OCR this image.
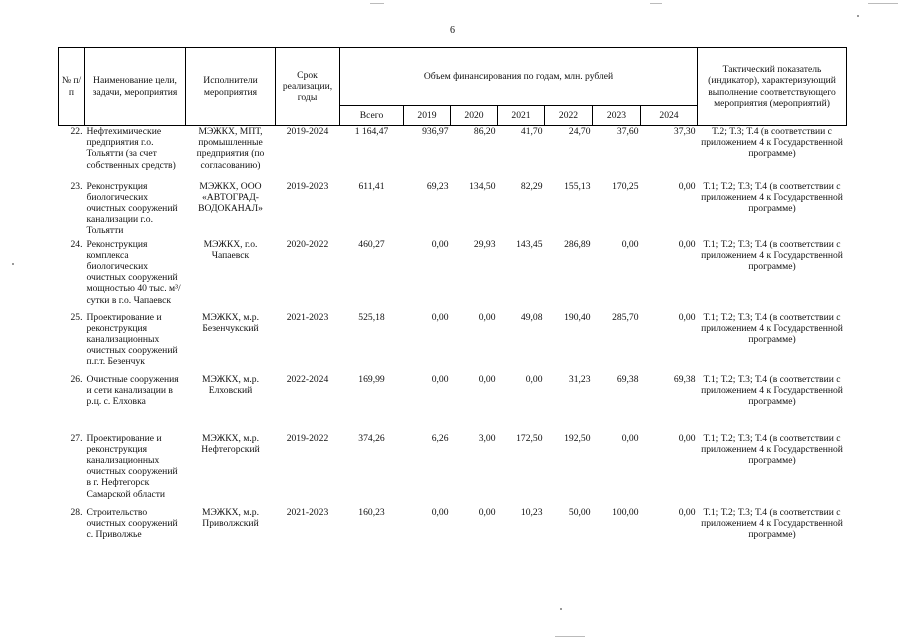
6
№ п/п	Наименование цели, задачи, мероприятия	Исполнители мероприятия	Срок реализации, годы	Объем финансирования по годам, млн. рублей							Тактический показатель (индикатор), характеризующий выполнение соответствующего мероприятия (мероприятий)
				Всего	2019	2020	2021	2022	2023	2024	
22.	Нефтехимические предприятия г.о. Тольятти (за счет собственных средств)	МЭЖКХ, МПТ, промышленные предприятия (по согласованию)	2019-2024	1 164,47	936,97	86,20	41,70	24,70	37,60	37,30	Т.2; Т.3; Т.4 (в соответствии с приложением 4 к Государственной программе)
23.	Реконструкция биологических очистных сооружений канализации г.о. Тольятти	МЭЖКХ, ООО «АВТОГРАД-ВОДОКАНАЛ»	2019-2023	611,41	69,23	134,50	82,29	155,13	170,25	0,00	Т.1; Т.2; Т.3; Т.4 (в соответствии с приложением 4 к Государственной программе)
24.	Реконструкция комплекса биологических очистных сооружений мощностью 40 тыс. м³/сутки в г.о. Чапаевск	МЭЖКХ, г.о. Чапаевск	2020-2022	460,27	0,00	29,93	143,45	286,89	0,00	0,00	Т.1; Т.2; Т.3; Т.4 (в соответствии с приложением 4 к Государственной программе)
25.	Проектирование и реконструкция канализационных очистных сооружений п.г.т. Безенчук	МЭЖКХ, м.р. Безенчукский	2021-2023	525,18	0,00	0,00	49,08	190,40	285,70	0,00	Т.1; Т.2; Т.3; Т.4 (в соответствии с приложением 4 к Государственной программе)
26.	Очистные сооружения и сети канализации в р.ц. с. Елховка	МЭЖКХ, м.р. Елховский	2022-2024	169,99	0,00	0,00	0,00	31,23	69,38	69,38	Т.1; Т.2; Т.3; Т.4 (в соответствии с приложением 4 к Государственной программе)
27.	Проектирование и реконструкция канализационных очистных сооружений в г. Нефтегорск Самарской области	МЭЖКХ, м.р. Нефтегорский	2019-2022	374,26	6,26	3,00	172,50	192,50	0,00	0,00	Т.1; Т.2; Т.3; Т.4 (в соответствии с приложением 4 к Государственной программе)
28.	Строительство очистных сооружений с. Приволжье	МЭЖКХ, м.р. Приволжский	2021-2023	160,23	0,00	0,00	10,23	50,00	100,00	0,00	Т.1; Т.2; Т.3; Т.4 (в соответствии с приложением 4 к Государственной программе)
